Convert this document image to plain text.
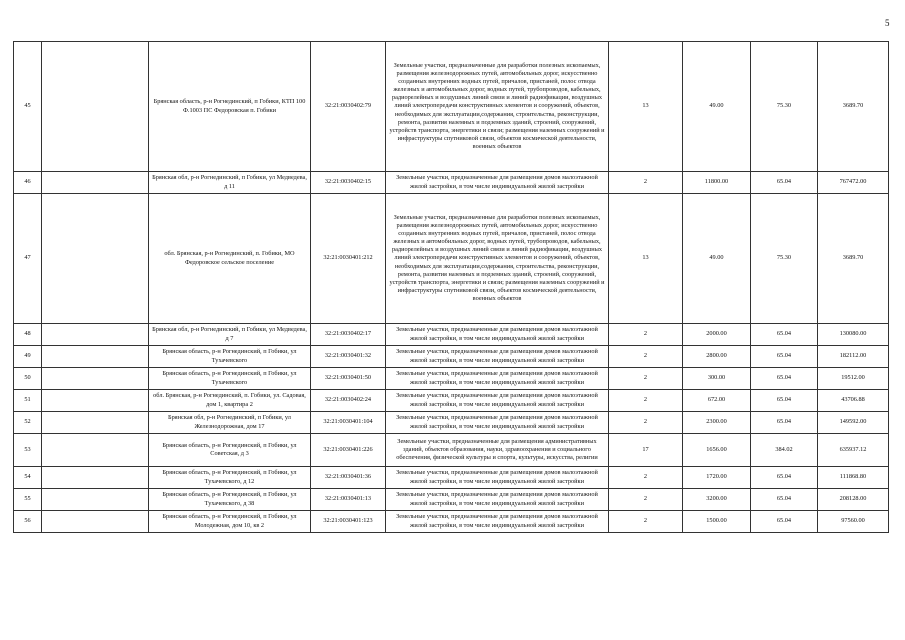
5
45		Брянская область, р-н Рогнединский, п Гобики, КТП 100 Ф.1003 ПС Федоровская п. Гобики	32:21:0030402:79	Земельные участки, предназначенные для разработки полезных ископаемых, размещения железнодорожных путей, автомобильных дорог, искусственно созданных внутренних водных путей, причалов, пристаней, полос отвода железных и автомобильных дорог, водных путей, трубопроводов, кабельных, радиорелейных и воздушных линий связи и линий радиофикации, воздушных линий электропередачи конструктивных элементов и сооружений, объектов, необходимых для эксплуатации,содержания, строительства, реконструкции, ремонта, развития наземных и подземных зданий, строений, сооружений, устройств транспорта, энергетики и связи; размещения наземных сооружений и инфраструктуры спутниковой связи, объектов космической деятельности, военных объектов	13	49.00	75.30	3689.70
46		Брянская обл, р-н Рогнединский, п Гобики, ул Медведева, д 11	32:21:0030402:15	Земельные участки, предназначенные для размещения домов малоэтажной жилой застройки, в том числе индивидуальной жилой застройки	2	11800.00	65.04	767472.00
47		обл. Брянская, р-н Рогнединский, п. Гобики, МО Федоровское сельское поселение	32:21:0030401:212	Земельные участки, предназначенные для разработки полезных ископаемых, размещения железнодорожных путей, автомобильных дорог, искусственно созданных внутренних водных путей, причалов, пристаней, полос отвода железных и автомобильных дорог, водных путей, трубопроводов, кабельных, радиорелейных и воздушных линий связи и линий радиофикации, воздушных линий электропередачи конструктивных элементов и сооружений, объектов, необходимых для эксплуатации,содержания, строительства, реконструкции, ремонта, развития наземных и подземных зданий, строений, сооружений, устройств транспорта, энергетики и связи; размещения наземных сооружений и инфраструктуры спутниковой связи, объектов космической деятельности, военных объектов	13	49.00	75.30	3689.70
48		Брянская обл, р-н Рогнединский, п Гобики, ул Медведева, д 7	32:21:0030402:17	Земельные участки, предназначенные для размещения домов малоэтажной жилой застройки, в том числе индивидуальной жилой застройки	2	2000.00	65.04	130080.00
49		Брянская область, р-н Рогнединский, п Гобики, ул Тухачевского	32:21:0030401:32	Земельные участки, предназначенные для размещения домов малоэтажной жилой застройки, в том числе индивидуальной жилой застройки	2	2800.00	65.04	182112.00
50		Брянская область, р-н Рогнединский, п Гобики, ул Тухачевского	32:21:0030401:50	Земельные участки, предназначенные для размещения домов малоэтажной жилой застройки, в том числе индивидуальной жилой застройки	2	300.00	65.04	19512.00
51		обл. Брянская, р-н Рогнединский, п. Гобики, ул. Садовая, дом 1, квартира 2	32:21:0030402:24	Земельные участки, предназначенные для размещения домов малоэтажной жилой застройки, в том числе индивидуальной жилой застройки	2	672.00	65.04	43706.88
52		Брянская обл, р-н Рогнединский, п Гобики, ул Железнодорожная, дом 17	32:21:0030401:104	Земельные участки, предназначенные для размещения домов малоэтажной жилой застройки, в том числе индивидуальной жилой застройки	2	2300.00	65.04	149592.00
53		Брянская область, р-н Рогнединский, п Гобики, ул Советская, д 3	32:21:0030401:226	Земельные участки, предназначенные для размещения административных зданий, объектов образования, науки, здравоохранения и социального обеспечения, физической культуры и спорта, культуры, искусства, религии	17	1656.00	384.02	635937.12
54		Брянская область, р-н Рогнединский, п Гобики, ул Тухачевского, д 12	32:21:0030401:36	Земельные участки, предназначенные для размещения домов малоэтажной жилой застройки, в том числе индивидуальной жилой застройки	2	1720.00	65.04	111868.80
55		Брянская область, р-н Рогнединский, п Гобики, ул Тухачевского, д 38	32:21:0030401:13	Земельные участки, предназначенные для размещения домов малоэтажной жилой застройки, в том числе индивидуальной жилой застройки	2	3200.00	65.04	208128.00
56		Брянская область, р-н Рогнединский, п Гобики, ул Молодежная, дом 10, кв 2	32:21:0030401:123	Земельные участки, предназначенные для размещения домов малоэтажной жилой застройки, в том числе индивидуальной жилой застройки	2	1500.00	65.04	97560.00
